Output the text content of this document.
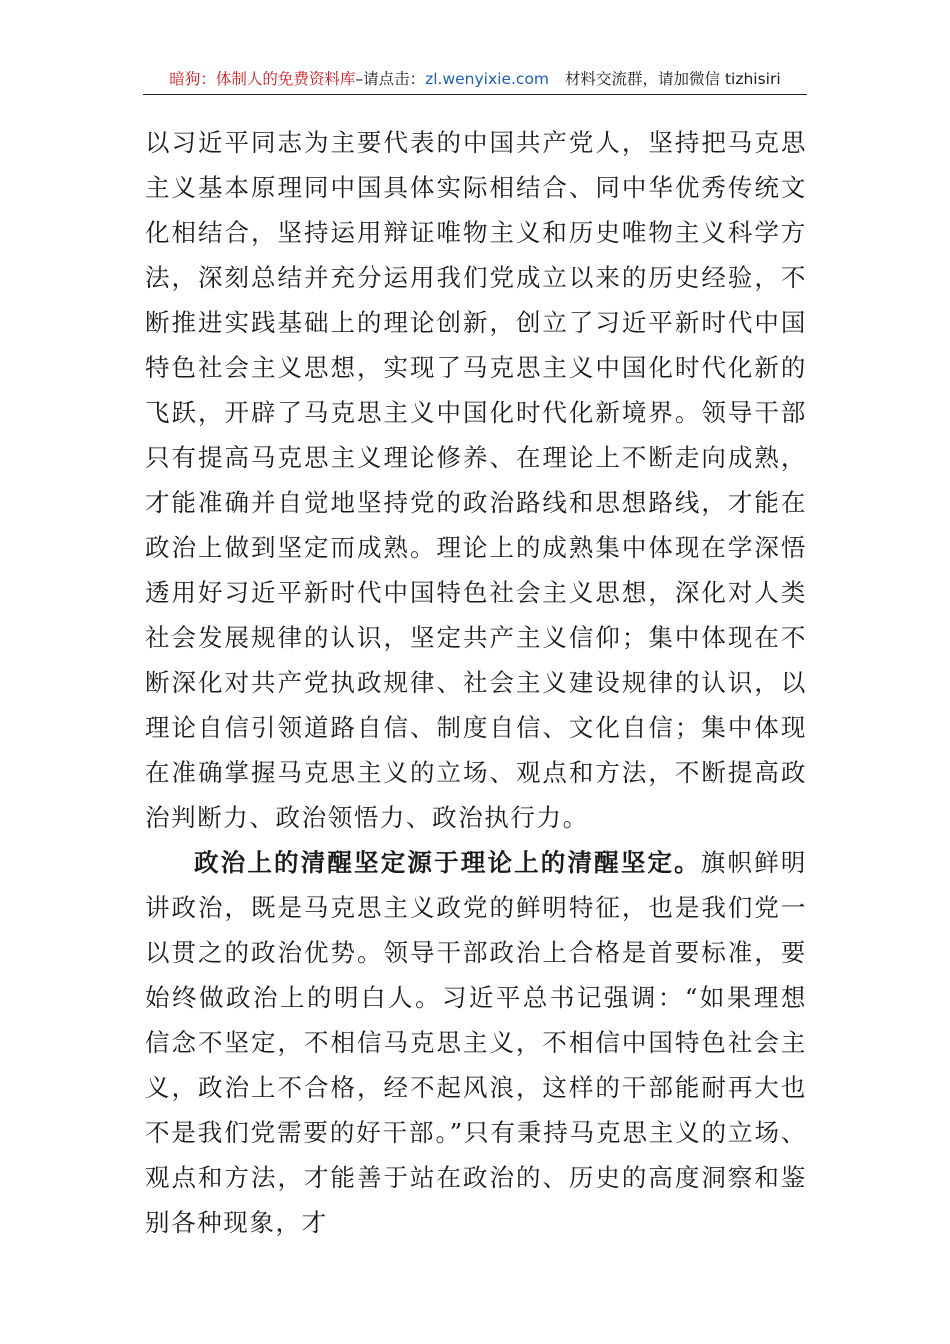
暗狗：体制人的免费资料库–请点击：zl.wenyixie.com 材料交流群，请加微信 tizhisiri

以习近平同志为主要代表的中国共产党人，坚持把马克思主义基本原理同中国具体实际相结合、同中华优秀传统文化相结合，坚持运用辩证唯物主义和历史唯物主义科学方法，深刻总结并充分运用我们党成立以来的历史经验，不断推进实践基础上的理论创新，创立了习近平新时代中国特色社会主义思想，实现了马克思主义中国化时代化新的飞跃，开辟了马克思主义中国化时代化新境界。领导干部只有提高马克思主义理论修养、在理论上不断走向成熟，才能准确并自觉地坚持党的政治路线和思想路线，才能在政治上做到坚定而成熟。理论上的成熟集中体现在学深悟透用好习近平新时代中国特色社会主义思想，深化对人类社会发展规律的认识，坚定共产主义信仰；集中体现在不断深化对共产党执政规律、社会主义建设规律的认识，以理论自信引领道路自信、制度自信、文化自信；集中体现在准确掌握马克思主义的立场、观点和方法，不断提高政治判断力、政治领悟力、政治执行力。

政治上的清醒坚定源于理论上的清醒坚定。旗帜鲜明讲政治，既是马克思主义政党的鲜明特征，也是我们党一以贯之的政治优势。领导干部政治上合格是首要标准，要始终做政治上的明白人。习近平总书记强调：“如果理想信念不坚定，不相信马克思主义，不相信中国特色社会主义，政治上不合格，经不起风浪，这样的干部能耐再大也不是我们党需要的好干部。”只有秉持马克思主义的立场、观点和方法，才能善于站在政治的、历史的高度洞察和鉴别各种现象，才
